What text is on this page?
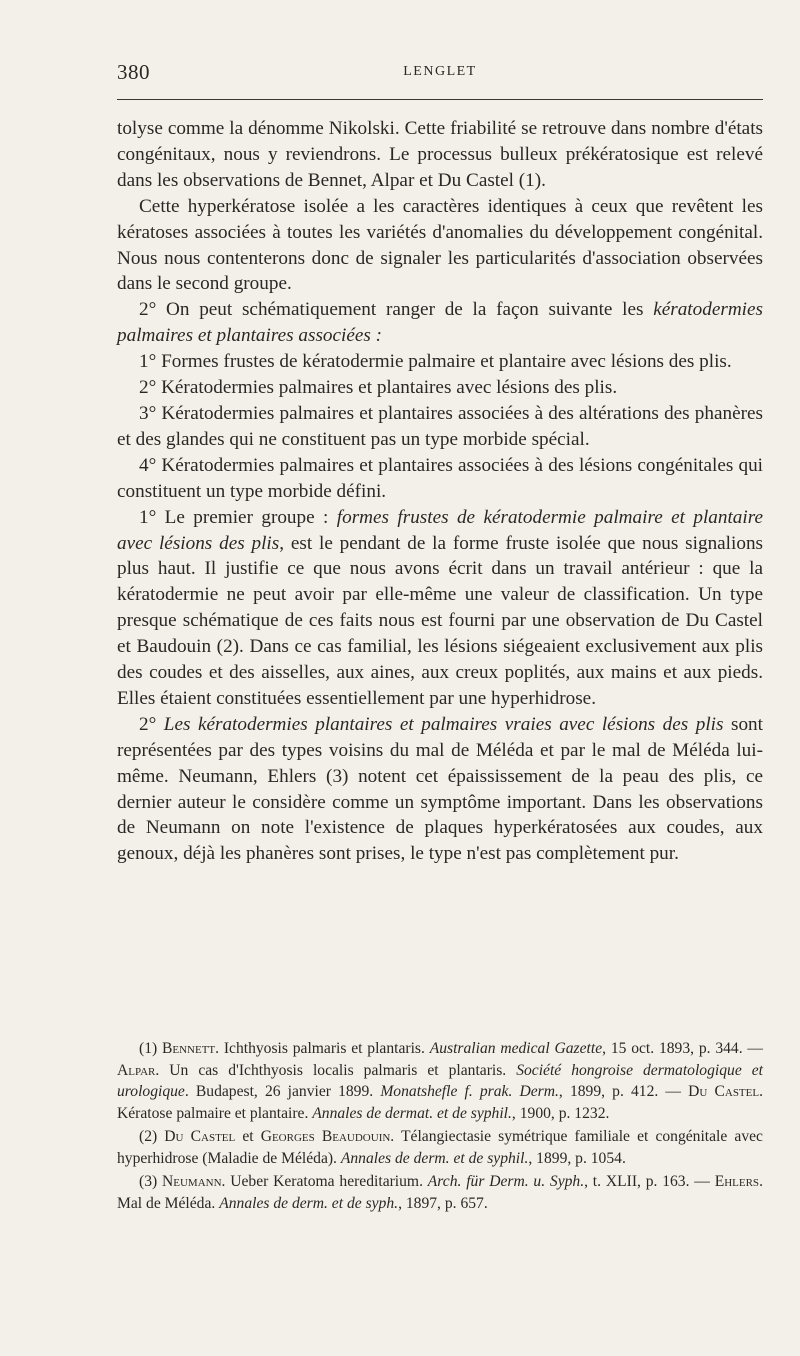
380	LENGLET

tolyse comme la dénomme Nikolski. Cette friabilité se retrouve dans nombre d'états congénitaux, nous y reviendrons. Le processus bulleux prékératosique est relevé dans les observations de Bennet, Alpar et Du Castel (1).

Cette hyperkératose isolée a les caractères identiques à ceux que revêtent les kératoses associées à toutes les variétés d'anomalies du développement congénital. Nous nous contenterons donc de signaler les particularités d'association observées dans le second groupe.

2° On peut schématiquement ranger de la façon suivante les kératodermies palmaires et plantaires associées :

1° Formes frustes de kératodermie palmaire et plantaire avec lésions des plis.

2° Kératodermies palmaires et plantaires avec lésions des plis.

3° Kératodermies palmaires et plantaires associées à des altérations des phanères et des glandes qui ne constituent pas un type morbide spécial.

4° Kératodermies palmaires et plantaires associées à des lésions congénitales qui constituent un type morbide défini.

1° Le premier groupe : formes frustes de kératodermie palmaire et plantaire avec lésions des plis, est le pendant de la forme fruste isolée que nous signalions plus haut. Il justifie ce que nous avons écrit dans un travail antérieur : que la kératodermie ne peut avoir par elle-même une valeur de classification. Un type presque schématique de ces faits nous est fourni par une observation de Du Castel et Baudouin (2). Dans ce cas familial, les lésions siégeaient exclusivement aux plis des coudes et des aisselles, aux aines, aux creux poplités, aux mains et aux pieds. Elles étaient constituées essentiellement par une hyperhidrose.

2° Les kératodermies plantaires et palmaires vraies avec lésions des plis sont représentées par des types voisins du mal de Méléda et par le mal de Méléda lui-même. Neumann, Ehlers (3) notent cet épaississement de la peau des plis, ce dernier auteur le considère comme un symptôme important. Dans les observations de Neumann on note l'existence de plaques hyperkératosées aux coudes, aux genoux, déjà les phanères sont prises, le type n'est pas complètement pur.

(1) Bennett. Ichthyosis palmaris et plantaris. Australian medical Gazette, 15 oct. 1893, p. 344. — Alpar. Un cas d'Ichthyosis localis palmaris et plantaris. Société hongroise dermatologique et urologique. Budapest, 26 janvier 1899. Monatshefle f. prak. Derm., 1899, p. 412. — Du Castel. Kératose palmaire et plantaire. Annales de dermat. et de syphil., 1900, p. 1232.

(2) Du Castel et Georges Beaudouin. Télangiectasie symétrique familiale et congénitale avec hyperhidrose (Maladie de Méléda). Annales de derm. et de syphil., 1899, p. 1054.

(3) Neumann. Ueber Keratoma hereditarium. Arch. für Derm. u. Syph., t. XLII, p. 163. — Ehlers. Mal de Méléda. Annales de derm. et de syph., 1897, p. 657.
